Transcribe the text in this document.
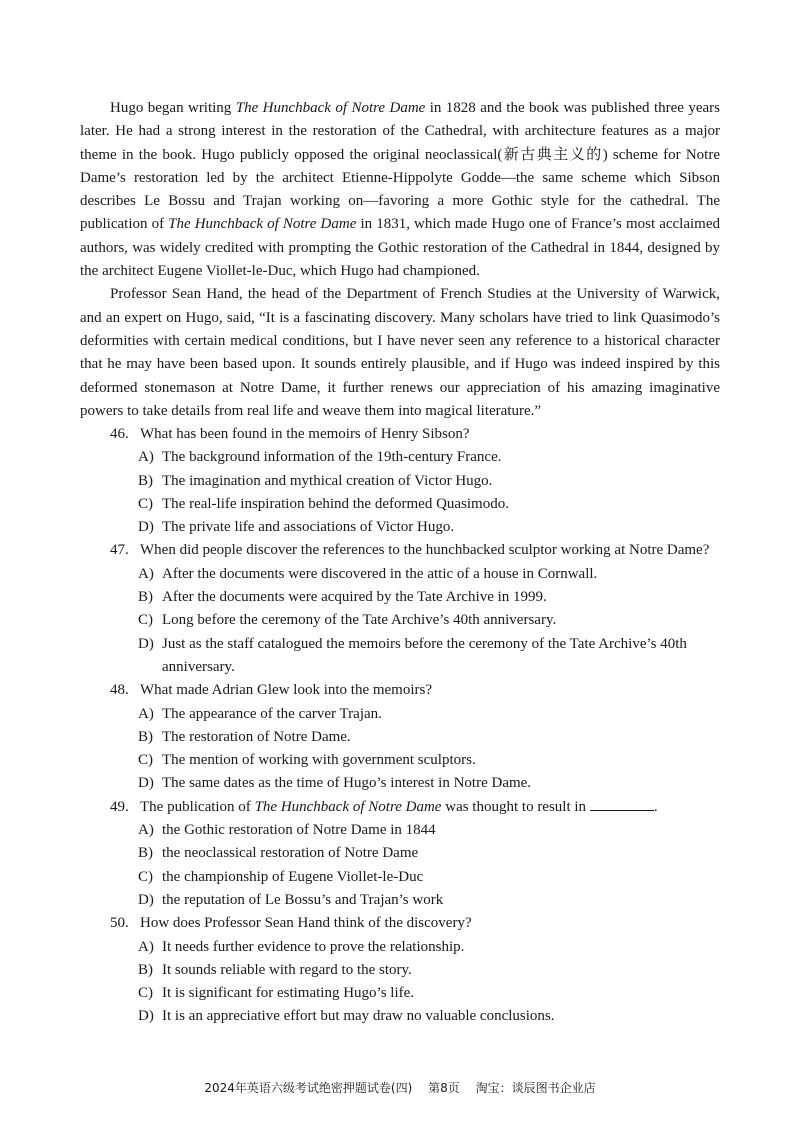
Hugo began writing The Hunchback of Notre Dame in 1828 and the book was published three years later. He had a strong interest in the restoration of the Cathedral, with architecture features as a major theme in the book. Hugo publicly opposed the original neoclassical(新古典主义的) scheme for Notre Dame’s restoration led by the architect Etienne-Hippolyte Godde—the same scheme which Sibson describes Le Bossu and Trajan working on—favoring a more Gothic style for the cathedral. The publication of The Hunchback of Notre Dame in 1831, which made Hugo one of France’s most acclaimed authors, was widely credited with prompting the Gothic restoration of the Cathedral in 1844, designed by the architect Eugene Viollet-le-Duc, which Hugo had championed.

Professor Sean Hand, the head of the Department of French Studies at the University of Warwick, and an expert on Hugo, said, “It is a fascinating discovery. Many scholars have tried to link Quasimodo’s deformities with certain medical conditions, but I have never seen any reference to a historical character that he may have been based upon. It sounds entirely plausible, and if Hugo was indeed inspired by this deformed stonemason at Notre Dame, it further renews our appreciation of his amazing imaginative powers to take details from real life and weave them into magical literature.”

46. What has been found in the memoirs of Henry Sibson?
A) The background information of the 19th-century France.
B) The imagination and mythical creation of Victor Hugo.
C) The real-life inspiration behind the deformed Quasimodo.
D) The private life and associations of Victor Hugo.
47. When did people discover the references to the hunchbacked sculptor working at Notre Dame?
A) After the documents were discovered in the attic of a house in Cornwall.
B) After the documents were acquired by the Tate Archive in 1999.
C) Long before the ceremony of the Tate Archive’s 40th anniversary.
D) Just as the staff catalogued the memoirs before the ceremony of the Tate Archive’s 40th anniversary.
48. What made Adrian Glew look into the memoirs?
A) The appearance of the carver Trajan.
B) The restoration of Notre Dame.
C) The mention of working with government sculptors.
D) The same dates as the time of Hugo’s interest in Notre Dame.
49. The publication of The Hunchback of Notre Dame was thought to result in	.
A) the Gothic restoration of Notre Dame in 1844
B) the neoclassical restoration of Notre Dame
C) the championship of Eugene Viollet-le-Duc
D) the reputation of Le Bossu’s and Trajan’s work
50. How does Professor Sean Hand think of the discovery?
A) It needs further evidence to prove the relationship.
B) It sounds reliable with regard to the story.
C) It is significant for estimating Hugo’s life.
D) It is an appreciative effort but may draw no valuable conclusions.
2024年英语六级考试绝密押题试卷(四) 第8页 淘宝：谈辰图书企业店
